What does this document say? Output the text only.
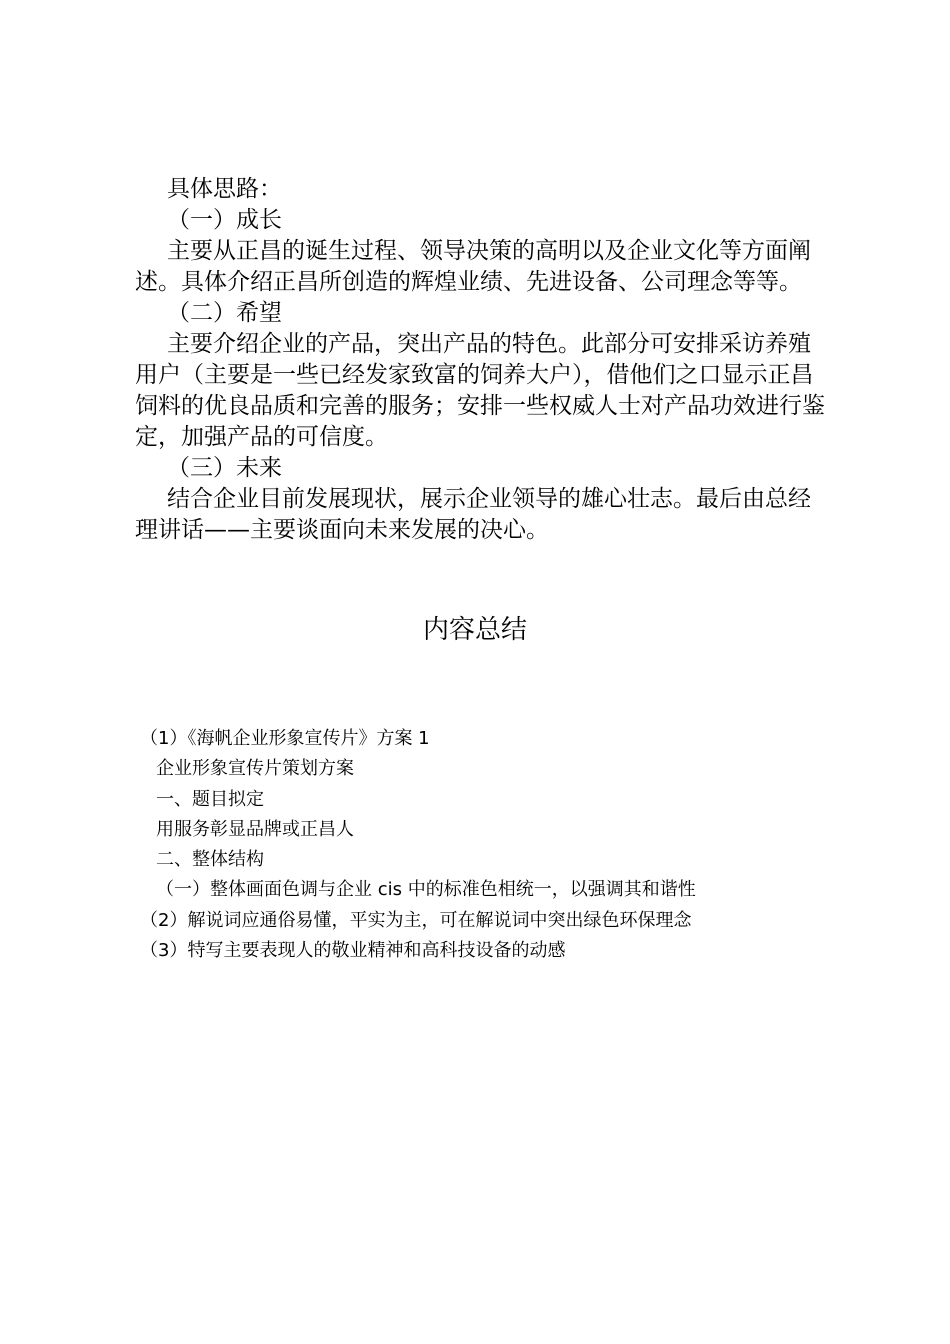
具体思路：

（一）成长

主要从正昌的诞生过程、领导决策的高明以及企业文化等方面阐述。具体介绍正昌所创造的辉煌业绩、先进设备、公司理念等等。

（二）希望

主要介绍企业的产品，突出产品的特色。此部分可安排采访养殖用户（主要是一些已经发家致富的饲养大户），借他们之口显示正昌饲料的优良品质和完善的服务；安排一些权威人士对产品功效进行鉴定，加强产品的可信度。

（三）未来

结合企业目前发展现状，展示企业领导的雄心壮志。最后由总经理讲话——主要谈面向未来发展的决心。

内容总结

（1）《海帆企业形象宣传片》方案 1

企业形象宣传片策划方案

一、题目拟定

用服务彰显品牌或正昌人

二、整体结构

（一）整体画面色调与企业 cis 中的标准色相统一，以强调其和谐性

（2）解说词应通俗易懂，平实为主，可在解说词中突出绿色环保理念

（3）特写主要表现人的敬业精神和高科技设备的动感
